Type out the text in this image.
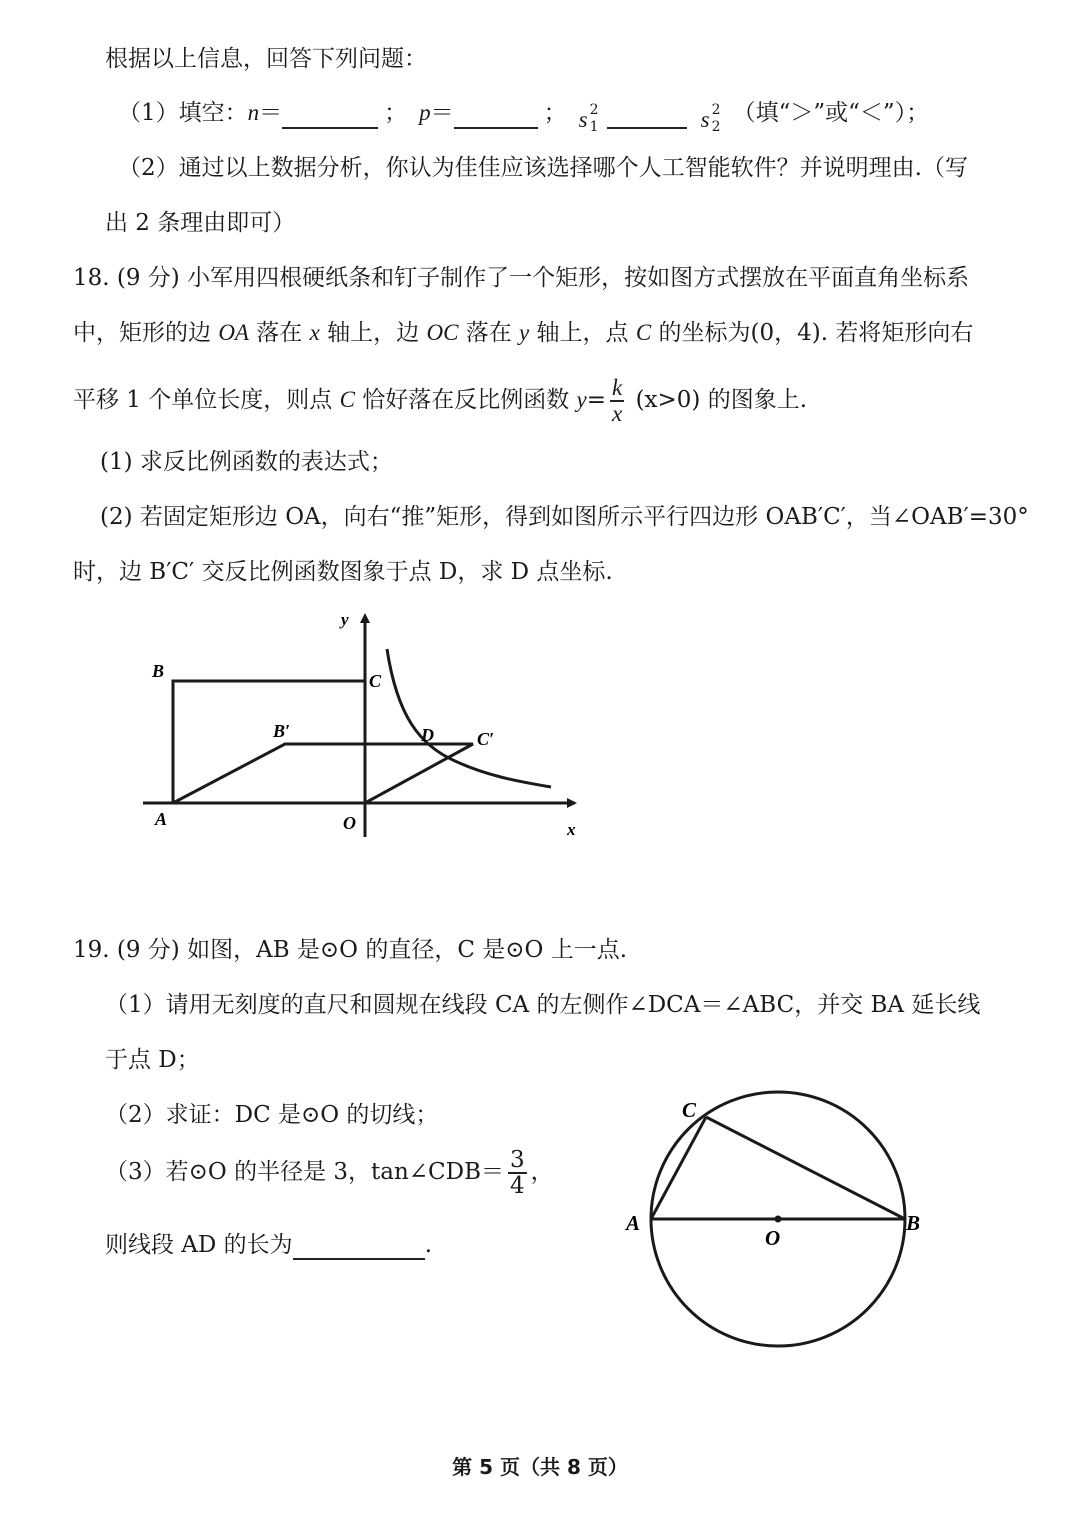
根据以上信息，回答下列问题：
（1）填空：n＝	； p＝	； s 2
1	s 2
2
（填“＞”或“＜”）；
（2）通过以上数据分析，你认为佳佳应该选择哪个人工智能软件？并说明理由.（写
出 2 条理由即可）
18. (9 分) 小军用四根硬纸条和钉子制作了一个矩形，按如图方式摆放在平面直角坐标系
中，矩形的边 OA 落在 x 轴上，边 OC 落在 y 轴上，点 C 的坐标为(0，4). 若将矩形向右
平移 1 个单位长度，则点 C 恰好落在反比例函数 $y= \frac{k}{x} (x>0)$ 的图象上.
(1) 求反比例函数的表达式；
(2) 若固定矩形边 OA，向右“推”矩形，得到如图所示平行四边形 OAB′C′，当∠OAB′=30°
时，边 B′C′ 交反比例函数图象于点 D，求 D 点坐标.
y
x
B	C
B′	D C′
A	O
19. (9 分) 如图，AB 是⊙O 的直径，C 是⊙O 上一点.
（1）请用无刻度的直尺和圆规在线段 CA 的左侧作∠DCA＝∠ABC，并交 BA 延长线
于点 D；
（2）求证：DC 是⊙O 的切线；
（3）若⊙O 的半径是 3，tan∠CDB＝ $\frac{3}{4}$ ，
则线段 AD 的长为	.
C
A
O
B
第 5 页（共 8 页）
